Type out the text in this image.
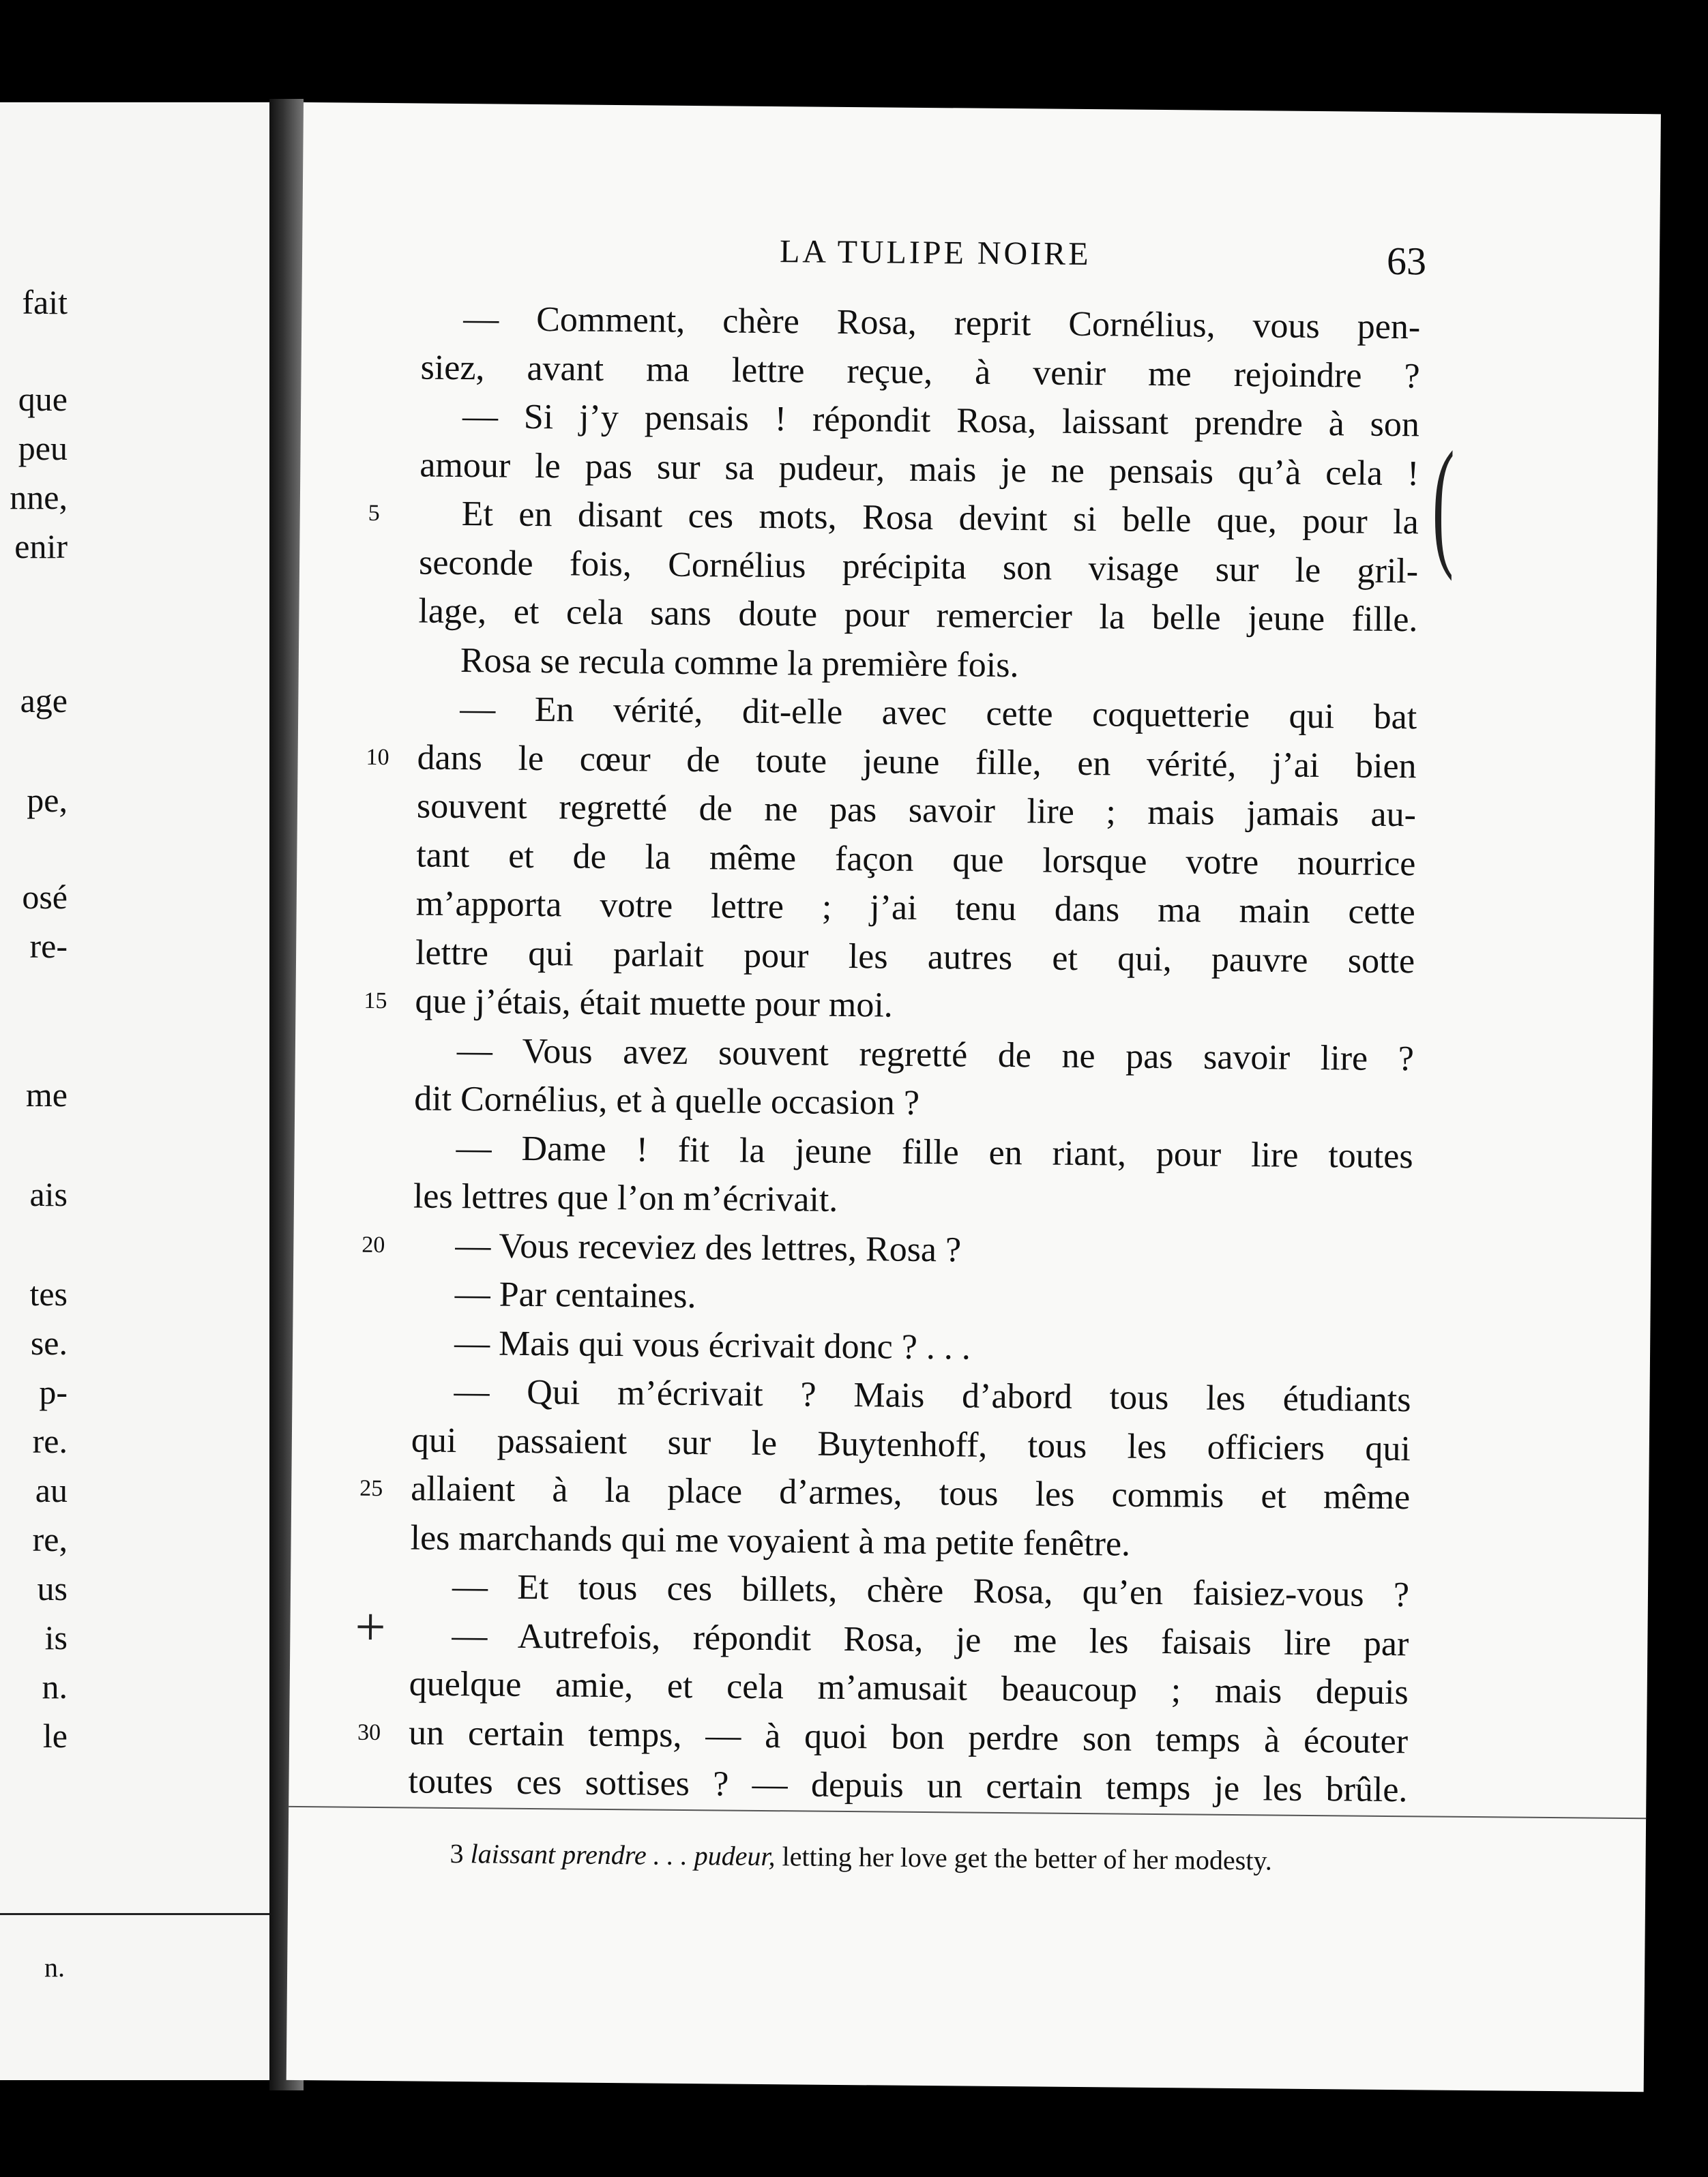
fait
que
peu
nne,
enir
age
pe,
osé
re-
me
ais
tes
se.
p-
re.
au
re,
us
is
n.
le
n.
LA TULIPE NOIRE	63
— Comment, chère Rosa, reprit Cornélius, vous pen-
siez, avant ma lettre reçue, à venir me rejoindre ?
— Si j’y pensais ! répondit Rosa, laissant prendre à son
amour le pas sur sa pudeur, mais je ne pensais qu’à cela !
5	Et en disant ces mots, Rosa devint si belle que, pour la
seconde fois, Cornélius précipita son visage sur le gril-
lage, et cela sans doute pour remercier la belle jeune fille.
Rosa se recula comme la première fois.
— En vérité, dit-elle avec cette coquetterie qui bat
10 dans le cœur de toute jeune fille, en vérité, j’ai bien
souvent regretté de ne pas savoir lire ; mais jamais au-
tant et de la même façon que lorsque votre nourrice
m’apporta votre lettre ; j’ai tenu dans ma main cette
lettre qui parlait pour les autres et qui, pauvre sotte
15 que j’étais, était muette pour moi.
— Vous avez souvent regretté de ne pas savoir lire ?
dit Cornélius, et à quelle occasion ?
— Dame ! fit la jeune fille en riant, pour lire toutes
les lettres que l’on m’écrivait.
20	— Vous receviez des lettres, Rosa ?
— Par centaines.
— Mais qui vous écrivait donc ? . . .
— Qui m’écrivait ? Mais d’abord tous les étudiants
qui passaient sur le Buytenhoff, tous les officiers qui
25 allaient à la place d’armes, tous les commis et même
les marchands qui me voyaient à ma petite fenêtre.
— Et tous ces billets, chère Rosa, qu’en faisiez-vous ?
— Autrefois, répondit Rosa, je me les faisais lire par
quelque amie, et cela m’amusait beaucoup ; mais depuis
30 un certain temps, — à quoi bon perdre son temps à écouter
toutes ces sottises ? — depuis un certain temps je les brûle.
3 laissant prendre . . . pudeur, letting her love get the better of her modesty.
(
+
